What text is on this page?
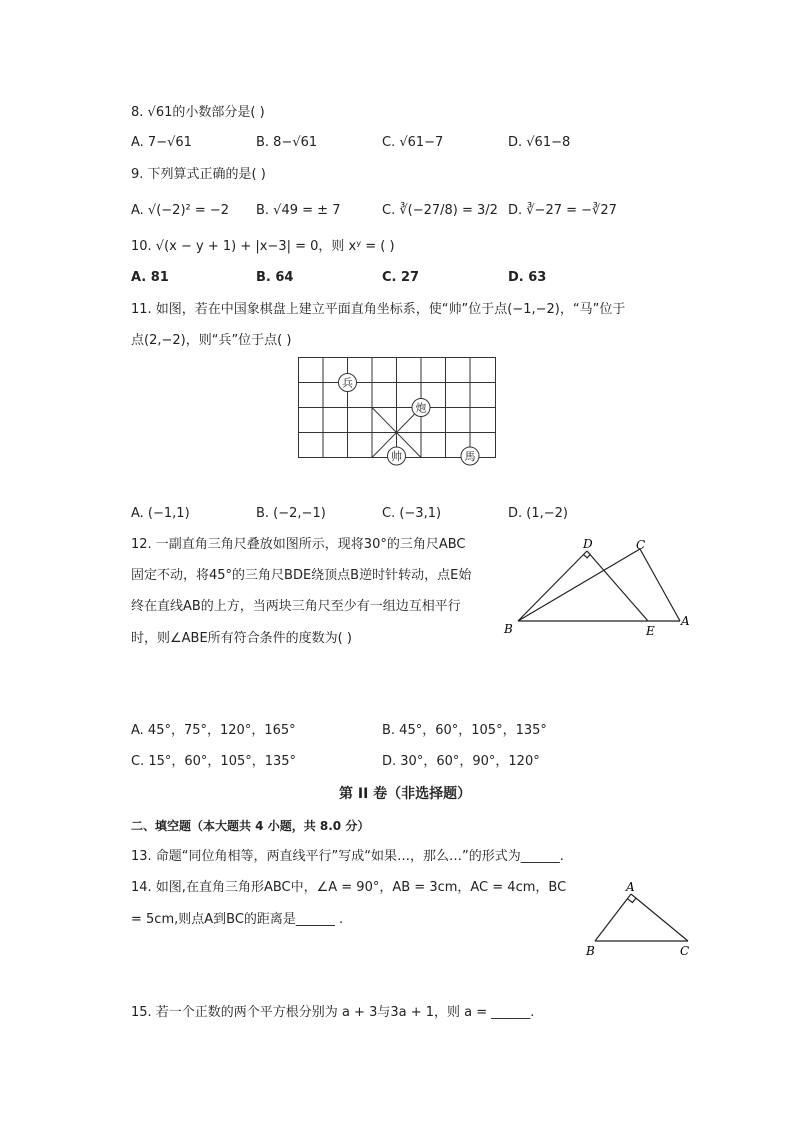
8. √61的小数部分是( )
A. 7−√61	B. 8−√61	C. √61−7	D. √61−8
9. 下列算式正确的是( )
A. √(−2)² = −2 B. √49 = ± 7	C. ∛(−27/8) = 3/2 D. ∛−27 = −∛27
10. √(x − y + 1) + |x−3| = 0，则 xʸ = ( )
A. 81	B. 64	C. 27	D. 63
11. 如图，若在中国象棋盘上建立平面直角坐标系，使“帅”位于点(−1,−2)，“马”位于
点(2,−2)，则“兵”位于点( )
兵
炮
帅	馬
A. (−1,1)	B. (−2,−1)	C. (−3,1)	D. (1,−2)
12. 一副直角三角尺叠放如图所示，现将30°的三角尺ABC
固定不动，将45°的三角尺BDE绕顶点B逆时针转动，点E始
终在直线AB的上方，当两块三角尺至少有一组边互相平行
时，则∠ABE所有符合条件的度数为( )
D	C
B	E
A
A. 45°，75°，120°，165°	B. 45°，60°，105°，135°
C. 15°，60°，105°，135°	D. 30°，60°，90°，120°
第 II 卷（非选择题）
二、填空题（本大题共 4 小题，共 8.0 分）
13. 命题“同位角相等，两直线平行”写成“如果…，那么…”的形式为______.
14. 如图,在直角三角形ABC中，∠A = 90°，AB = 3cm，AC = 4cm，BC
= 5cm,则点A到BC的距离是______ .
A
B	C
15. 若一个正数的两个平方根分别为 a + 3与3a + 1，则 a = ______.
